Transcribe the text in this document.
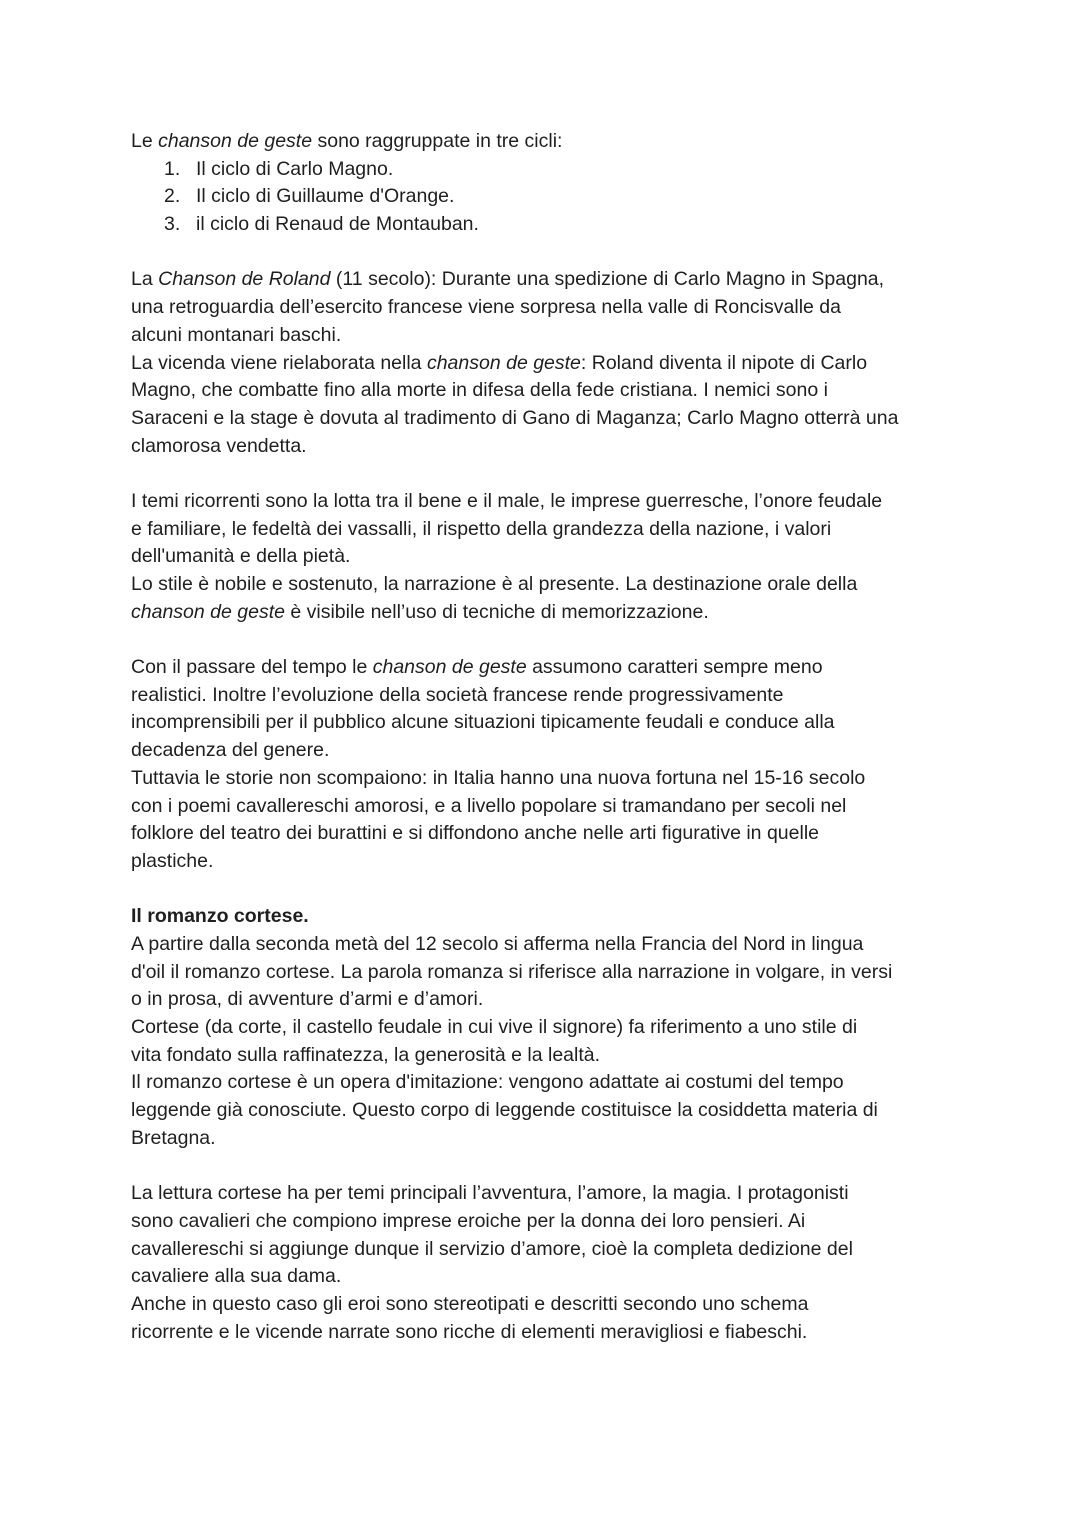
Le chanson de geste sono raggruppate in tre cicli:
1. Il ciclo di Carlo Magno.
2. Il ciclo di Guillaume d'Orange.
3. il ciclo di Renaud de Montauban.
La Chanson de Roland (11 secolo): Durante una spedizione di Carlo Magno in Spagna,
una retroguardia dell’esercito francese viene sorpresa nella valle di Roncisvalle da
alcuni montanari baschi.
La vicenda viene rielaborata nella chanson de geste: Roland diventa il nipote di Carlo
Magno, che combatte fino alla morte in difesa della fede cristiana. I nemici sono i
Saraceni e la stage è dovuta al tradimento di Gano di Maganza; Carlo Magno otterrà una
clamorosa vendetta.
I temi ricorrenti sono la lotta tra il bene e il male, le imprese guerresche, l’onore feudale
e familiare, le fedeltà dei vassalli, il rispetto della grandezza della nazione, i valori
dell'umanità e della pietà.
Lo stile è nobile e sostenuto, la narrazione è al presente. La destinazione orale della
chanson de geste è visibile nell’uso di tecniche di memorizzazione.
Con il passare del tempo le chanson de geste assumono caratteri sempre meno
realistici. Inoltre l’evoluzione della società francese rende progressivamente
incomprensibili per il pubblico alcune situazioni tipicamente feudali e conduce alla
decadenza del genere.
Tuttavia le storie non scompaiono: in Italia hanno una nuova fortuna nel 15-16 secolo
con i poemi cavallereschi amorosi, e a livello popolare si tramandano per secoli nel
folklore del teatro dei burattini e si diffondono anche nelle arti figurative in quelle
plastiche.
Il romanzo cortese.
A partire dalla seconda metà del 12 secolo si afferma nella Francia del Nord in lingua
d'oil il romanzo cortese. La parola romanza si riferisce alla narrazione in volgare, in versi
o in prosa, di avventure d’armi e d’amori.
Cortese (da corte, il castello feudale in cui vive il signore) fa riferimento a uno stile di
vita fondato sulla raffinatezza, la generosità e la lealtà.
Il romanzo cortese è un opera d'imitazione: vengono adattate ai costumi del tempo
leggende già conosciute. Questo corpo di leggende costituisce la cosiddetta materia di
Bretagna.
La lettura cortese ha per temi principali l’avventura, l’amore, la magia. I protagonisti
sono cavalieri che compiono imprese eroiche per la donna dei loro pensieri. Ai
cavallereschi si aggiunge dunque il servizio d’amore, cioè la completa dedizione del
cavaliere alla sua dama.
Anche in questo caso gli eroi sono stereotipati e descritti secondo uno schema
ricorrente e le vicende narrate sono ricche di elementi meravigliosi e fiabeschi.
